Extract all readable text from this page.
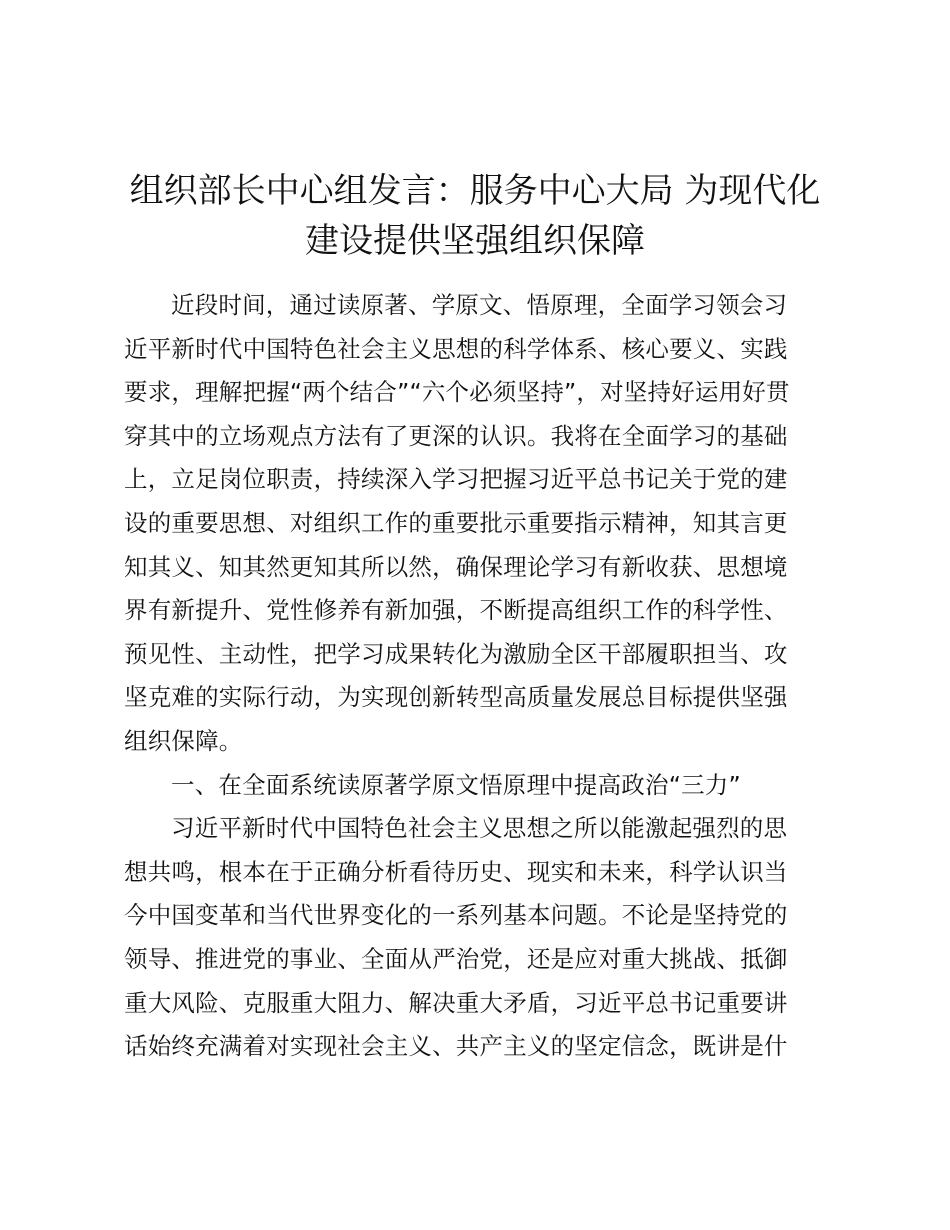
组织部长中心组发言：服务中心大局 为现代化
建设提供坚强组织保障

近段时间，通过读原著、学原文、悟原理，全面学习领会习
近平新时代中国特色社会主义思想的科学体系、核心要义、实践
要求，理解把握“两个结合”“六个必须坚持”，对坚持好运用好贯
穿其中的立场观点方法有了更深的认识。我将在全面学习的基础
上，立足岗位职责，持续深入学习把握习近平总书记关于党的建
设的重要思想、对组织工作的重要批示重要指示精神，知其言更
知其义、知其然更知其所以然，确保理论学习有新收获、思想境
界有新提升、党性修养有新加强，不断提高组织工作的科学性、
预见性、主动性，把学习成果转化为激励全区干部履职担当、攻
坚克难的实际行动，为实现创新转型高质量发展总目标提供坚强
组织保障。

一、在全面系统读原著学原文悟原理中提高政治“三力”

习近平新时代中国特色社会主义思想之所以能激起强烈的思
想共鸣，根本在于正确分析看待历史、现实和未来，科学认识当
今中国变革和当代世界变化的一系列基本问题。不论是坚持党的
领导、推进党的事业、全面从严治党，还是应对重大挑战、抵御
重大风险、克服重大阻力、解决重大矛盾，习近平总书记重要讲
话始终充满着对实现社会主义、共产主义的坚定信念，既讲是什
